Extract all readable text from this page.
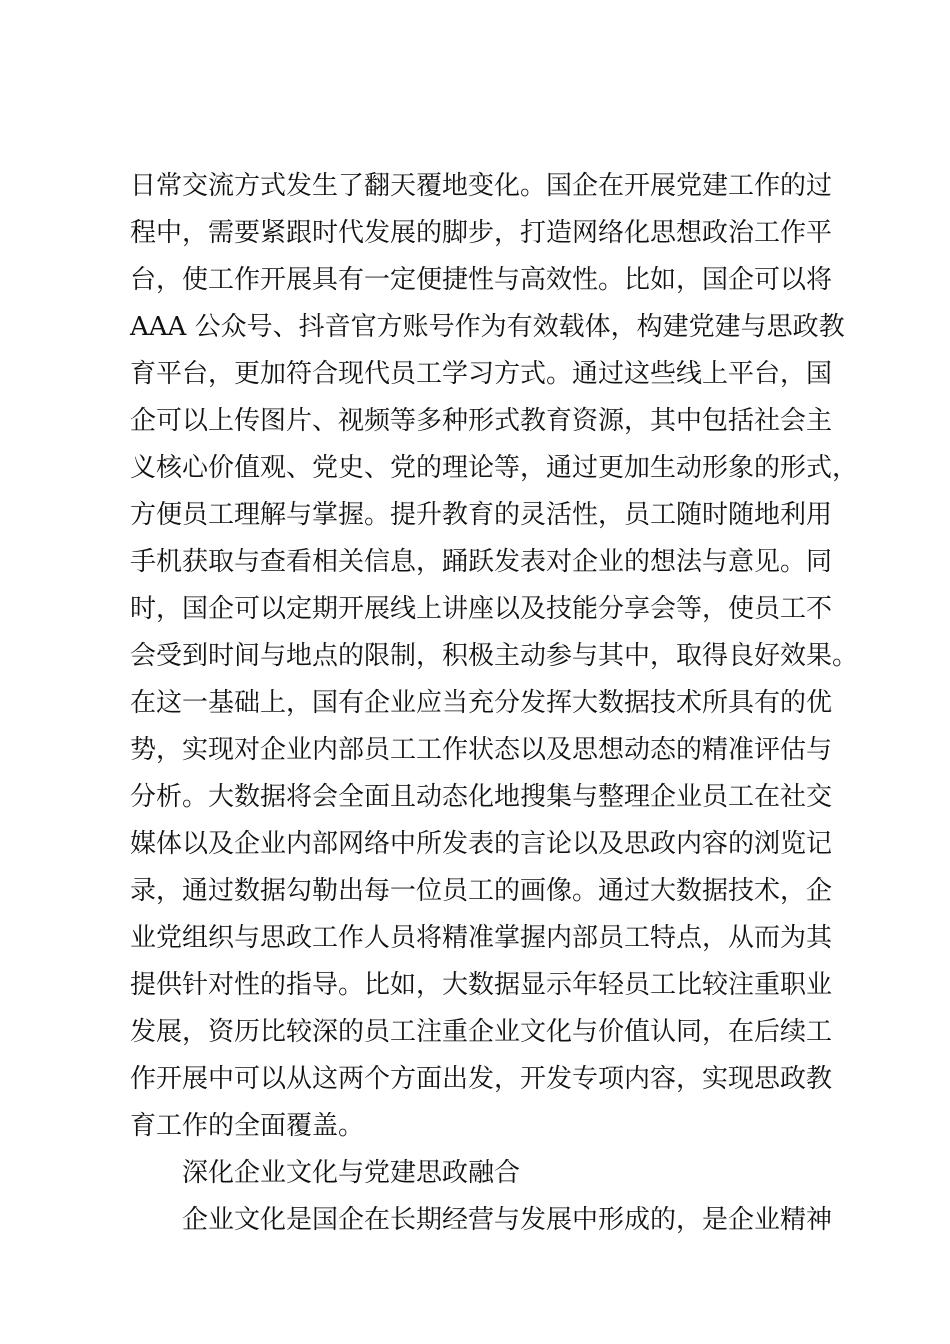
日常交流方式发生了翻天覆地变化。国企在开展党建工作的过
程中，需要紧跟时代发展的脚步，打造网络化思想政治工作平
台，使工作开展具有一定便捷性与高效性。比如，国企可以将
AAA 公众号、抖音官方账号作为有效载体，构建党建与思政教
育平台，更加符合现代员工学习方式。通过这些线上平台，国
企可以上传图片、视频等多种形式教育资源，其中包括社会主
义核心价值观、党史、党的理论等，通过更加生动形象的形式，
方便员工理解与掌握。提升教育的灵活性，员工随时随地利用
手机获取与查看相关信息，踊跃发表对企业的想法与意见。同
时，国企可以定期开展线上讲座以及技能分享会等，使员工不
会受到时间与地点的限制，积极主动参与其中，取得良好效果。
在这一基础上，国有企业应当充分发挥大数据技术所具有的优
势，实现对企业内部员工工作状态以及思想动态的精准评估与
分析。大数据将会全面且动态化地搜集与整理企业员工在社交
媒体以及企业内部网络中所发表的言论以及思政内容的浏览记
录，通过数据勾勒出每一位员工的画像。通过大数据技术，企
业党组织与思政工作人员将精准掌握内部员工特点，从而为其
提供针对性的指导。比如，大数据显示年轻员工比较注重职业
发展，资历比较深的员工注重企业文化与价值认同，在后续工
作开展中可以从这两个方面出发，开发专项内容，实现思政教
育工作的全面覆盖。
深化企业文化与党建思政融合
企业文化是国企在长期经营与发展中形成的，是企业精神
